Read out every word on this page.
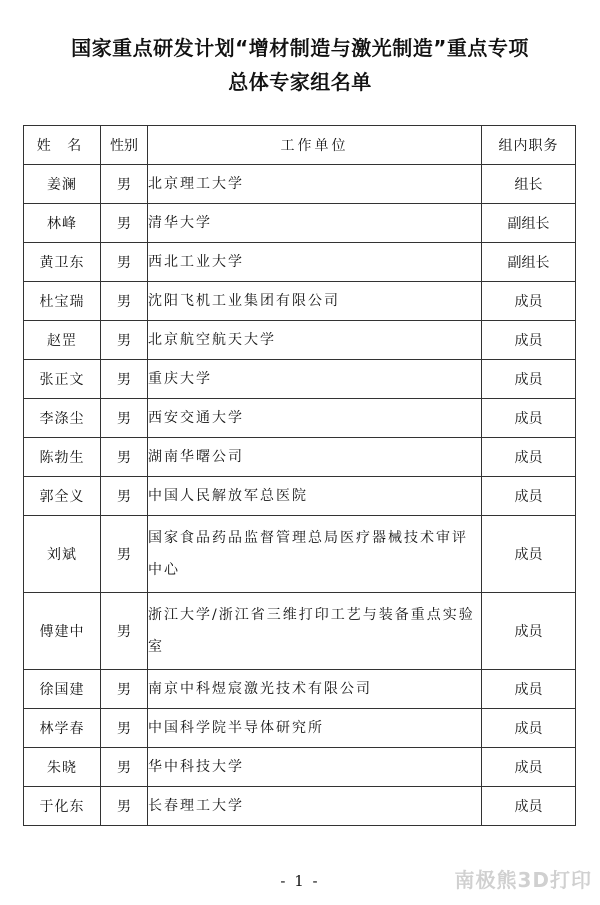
国家重点研发计划“增材制造与激光制造”重点专项
总体专家组名单
姓 名	性别	工作单位	组内职务
姜澜	男	北京理工大学	组长
林峰	男	清华大学	副组长
黄卫东	男	西北工业大学	副组长
杜宝瑞	男	沈阳飞机工业集团有限公司	成员
赵罡	男	北京航空航天大学	成员
张正文	男	重庆大学	成员
李涤尘	男	西安交通大学	成员
陈勃生	男	湖南华曙公司	成员
郭全义	男	中国人民解放军总医院	成员
刘斌	男	国家食品药品监督管理总局医疗器械技术审评中心	成员
傅建中	男	浙江大学/浙江省三维打印工艺与装备重点实验室	成员
徐国建	男	南京中科煜宸激光技术有限公司	成员
林学春	男	中国科学院半导体研究所	成员
朱晓	男	华中科技大学	成员
于化东	男	长春理工大学	成员
- 1 -	南极熊3D打印
